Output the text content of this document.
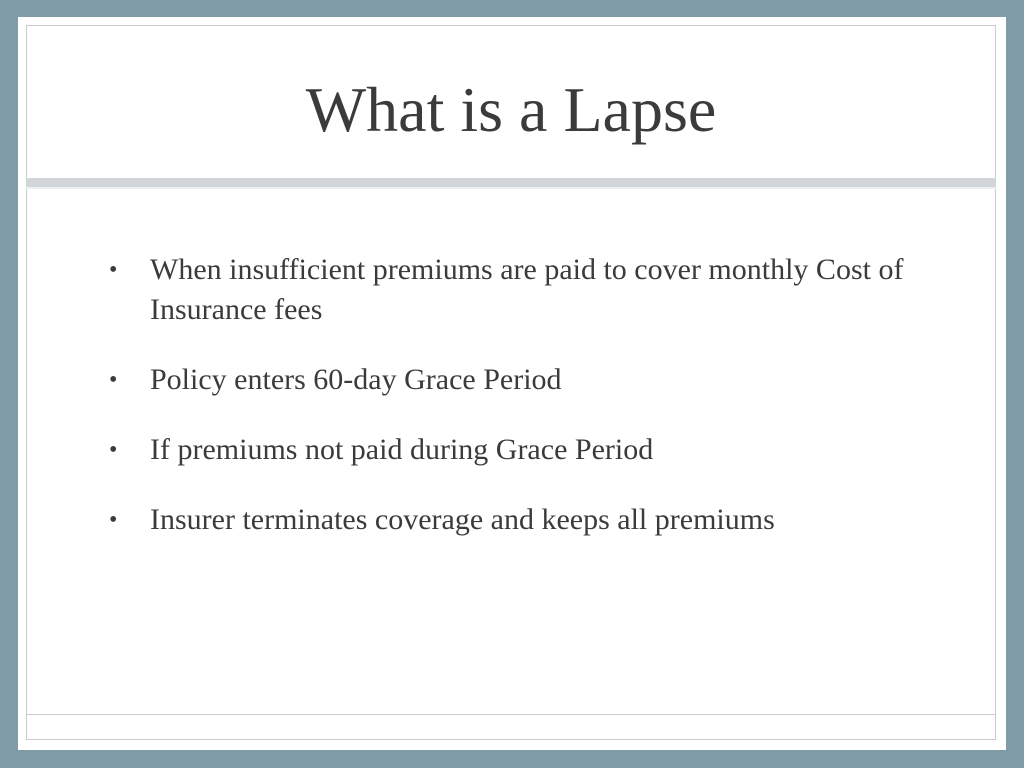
What is a Lapse
• When insufficient premiums are paid to cover monthly Cost of Insurance fees
• Policy enters 60-day Grace Period
• If premiums not paid during Grace Period
• Insurer terminates coverage and keeps all premiums
